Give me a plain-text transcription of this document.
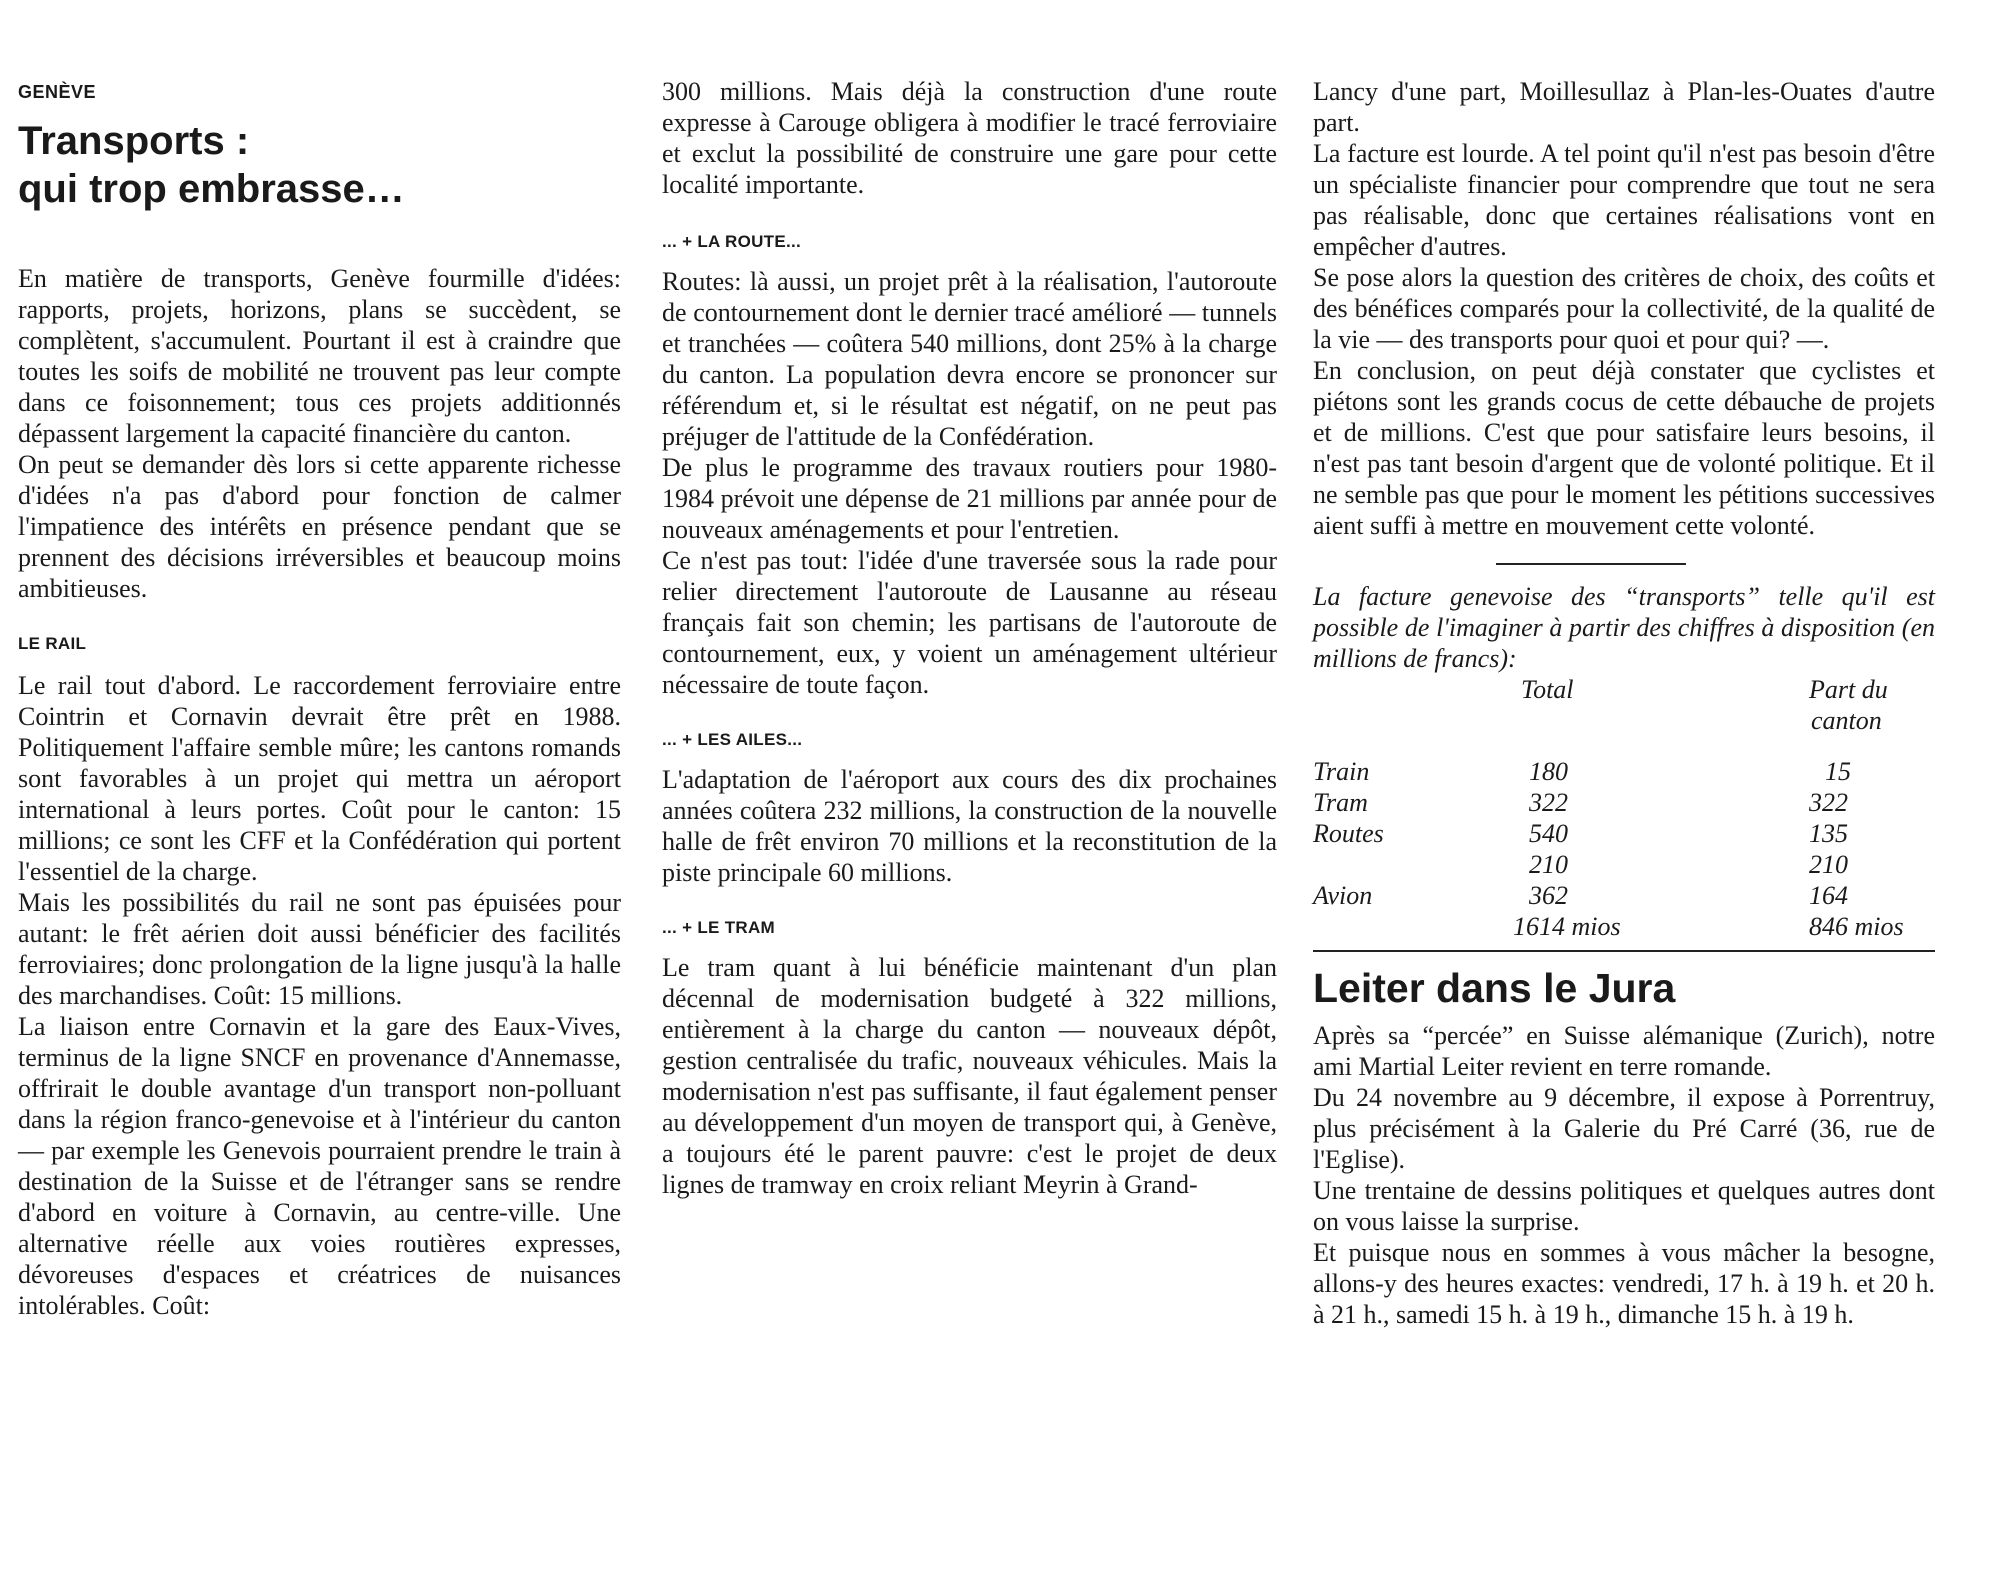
GENÈVE

Transports :
qui trop embrasse…

En matière de transports, Genève fourmille d'idées: rapports, projets, horizons, plans se succèdent, se complètent, s'accumulent. Pourtant il est à craindre que toutes les soifs de mobilité ne trouvent pas leur compte dans ce foisonnement; tous ces projets additionnés dépassent largement la capacité financière du canton.

On peut se demander dès lors si cette apparente richesse d'idées n'a pas d'abord pour fonction de calmer l'impatience des intérêts en présence pendant que se prennent des décisions irréversibles et beaucoup moins ambitieuses.

LE RAIL

Le rail tout d'abord. Le raccordement ferroviaire entre Cointrin et Cornavin devrait être prêt en 1988. Politiquement l'affaire semble mûre; les cantons romands sont favorables à un projet qui mettra un aéroport international à leurs portes. Coût pour le canton: 15 millions; ce sont les CFF et la Confédération qui portent l'essentiel de la charge.

Mais les possibilités du rail ne sont pas épuisées pour autant: le frêt aérien doit aussi bénéficier des facilités ferroviaires; donc prolongation de la ligne jusqu'à la halle des marchandises. Coût: 15 millions.

La liaison entre Cornavin et la gare des Eaux-Vives, terminus de la ligne SNCF en provenance d'Annemasse, offrirait le double avantage d'un transport non-polluant dans la région franco-genevoise et à l'intérieur du canton — par exemple les Genevois pourraient prendre le train à destination de la Suisse et de l'étranger sans se rendre d'abord en voiture à Cornavin, au centre-ville. Une alternative réelle aux voies routières expresses, dévoreuses d'espaces et créatrices de nuisances intolérables. Coût:

300 millions. Mais déjà la construction d'une route expresse à Carouge obligera à modifier le tracé ferroviaire et exclut la possibilité de construire une gare pour cette localité importante.

... + LA ROUTE...

Routes: là aussi, un projet prêt à la réalisation, l'autoroute de contournement dont le dernier tracé amélioré — tunnels et tranchées — coûtera 540 millions, dont 25% à la charge du canton. La population devra encore se prononcer sur référendum et, si le résultat est négatif, on ne peut pas préjuger de l'attitude de la Confédération.

De plus le programme des travaux routiers pour 1980-1984 prévoit une dépense de 21 millions par année pour de nouveaux aménagements et pour l'entretien.

Ce n'est pas tout: l'idée d'une traversée sous la rade pour relier directement l'autoroute de Lausanne au réseau français fait son chemin; les partisans de l'autoroute de contournement, eux, y voient un aménagement ultérieur nécessaire de toute façon.

... + LES AILES...

L'adaptation de l'aéroport aux cours des dix prochaines années coûtera 232 millions, la construction de la nouvelle halle de frêt environ 70 millions et la reconstitution de la piste principale 60 millions.

... + LE TRAM

Le tram quant à lui bénéficie maintenant d'un plan décennal de modernisation budgeté à 322 millions, entièrement à la charge du canton — nouveaux dépôt, gestion centralisée du trafic, nouveaux véhicules. Mais la modernisation n'est pas suffisante, il faut également penser au développement d'un moyen de transport qui, à Genève, a toujours été le parent pauvre: c'est le projet de deux lignes de tramway en croix reliant Meyrin à Grand-

Lancy d'une part, Moillesullaz à Plan-les-Ouates d'autre part.

La facture est lourde. A tel point qu'il n'est pas besoin d'être un spécialiste financier pour comprendre que tout ne sera pas réalisable, donc que certaines réalisations vont en empêcher d'autres.

Se pose alors la question des critères de choix, des coûts et des bénéfices comparés pour la collectivité, de la qualité de la vie — des transports pour quoi et pour qui? —.

En conclusion, on peut déjà constater que cyclistes et piétons sont les grands cocus de cette débauche de projets et de millions. C'est que pour satisfaire leurs besoins, il n'est pas tant besoin d'argent que de volonté politique. Et il ne semble pas que pour le moment les pétitions successives aient suffi à mettre en mouvement cette volonté.

La facture genevoise des “transports” telle qu'il est possible de l'imaginer à partir des chiffres à disposition (en millions de francs):

	Total	Part du
canton

Train	180	15
Tram	322	322
Routes	540	135
	210	210
Avion	362	164
	1614 mios	846 mios
Leiter dans le Jura

Après sa “percée” en Suisse alémanique (Zurich), notre ami Martial Leiter revient en terre romande.

Du 24 novembre au 9 décembre, il expose à Porrentruy, plus précisément à la Galerie du Pré Carré (36, rue de l'Eglise).

Une trentaine de dessins politiques et quelques autres dont on vous laisse la surprise.

Et puisque nous en sommes à vous mâcher la besogne, allons-y des heures exactes: vendredi, 17 h. à 19 h. et 20 h. à 21 h., samedi 15 h. à 19 h., dimanche 15 h. à 19 h.
